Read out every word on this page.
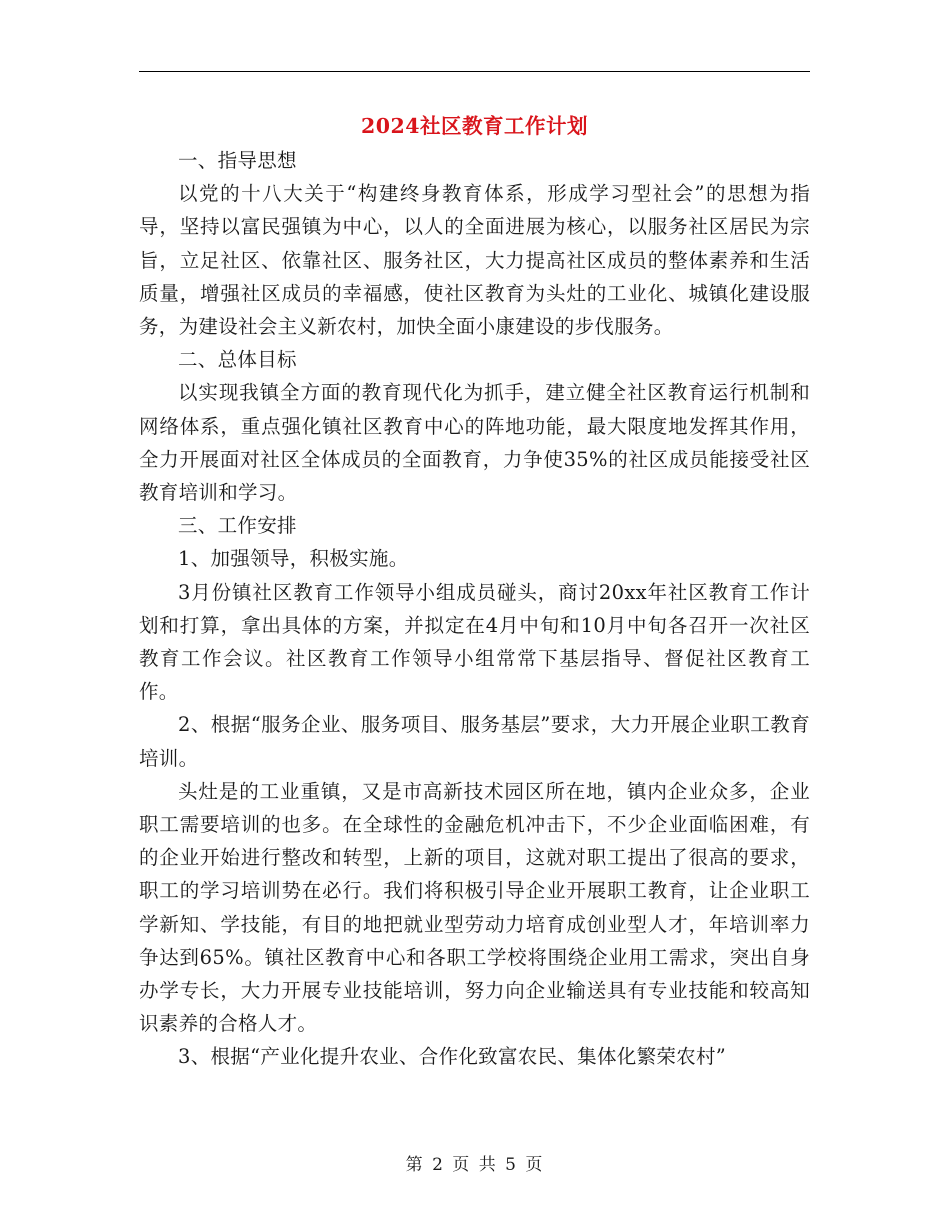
2024社区教育工作计划

一、指导思想

以党的十八大关于“构建终身教育体系，形成学习型社会”的思想为指导，坚持以富民强镇为中心，以人的全面进展为核心，以服务社区居民为宗旨，立足社区、依靠社区、服务社区，大力提高社区成员的整体素养和生活质量，增强社区成员的幸福感，使社区教育为头灶的工业化、城镇化建设服务，为建设社会主义新农村，加快全面小康建设的步伐服务。

二、总体目标

以实现我镇全方面的教育现代化为抓手，建立健全社区教育运行机制和网络体系，重点强化镇社区教育中心的阵地功能，最大限度地发挥其作用，全力开展面对社区全体成员的全面教育，力争使35%的社区成员能接受社区教育培训和学习。

三、工作安排

1、加强领导，积极实施。

3月份镇社区教育工作领导小组成员碰头，商讨20xx年社区教育工作计划和打算，拿出具体的方案，并拟定在4月中旬和10月中旬各召开一次社区教育工作会议。社区教育工作领导小组常常下基层指导、督促社区教育工作。

2、根据“服务企业、服务项目、服务基层”要求，大力开展企业职工教育培训。

头灶是的工业重镇，又是市高新技术园区所在地，镇内企业众多，企业职工需要培训的也多。在全球性的金融危机冲击下，不少企业面临困难，有的企业开始进行整改和转型，上新的项目，这就对职工提出了很高的要求，职工的学习培训势在必行。我们将积极引导企业开展职工教育，让企业职工学新知、学技能，有目的地把就业型劳动力培育成创业型人才，年培训率力争达到65%。镇社区教育中心和各职工学校将围绕企业用工需求，突出自身办学专长，大力开展专业技能培训，努力向企业输送具有专业技能和较高知识素养的合格人才。

3、根据“产业化提升农业、合作化致富农民、集体化繁荣农村”

第 2 页 共 5 页
